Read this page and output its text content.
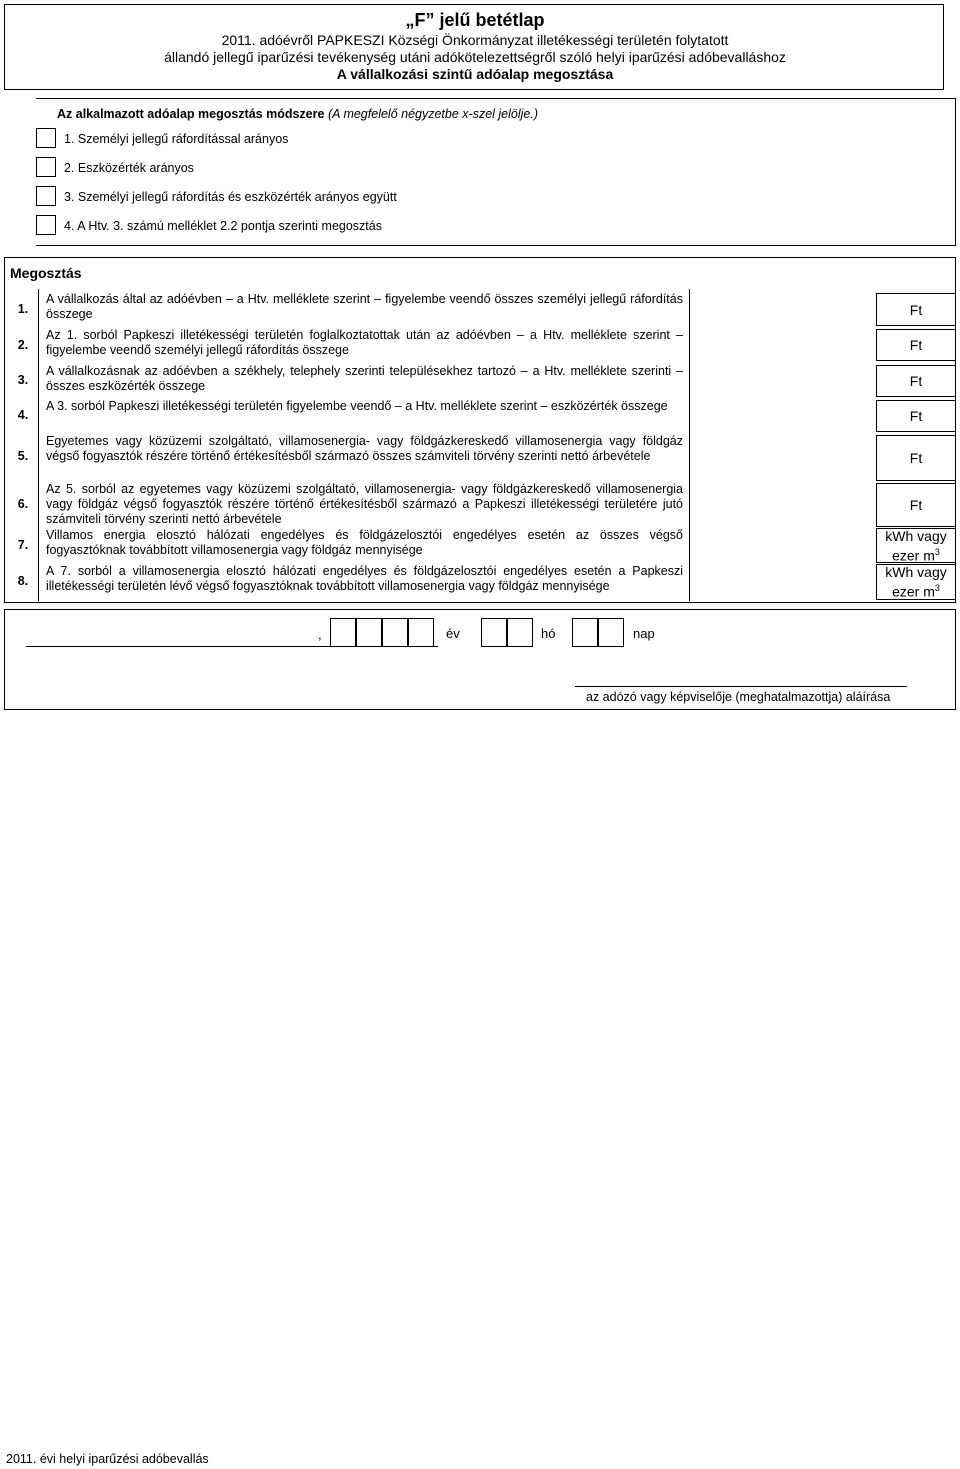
„F” jelű betétlap
2011. adóévről PAPKESZI Községi Önkormányzat illetékességi területén folytatott
állandó jellegű iparűzési tevékenység utáni adókötelezettségről szóló helyi iparűzési adóbevalláshoz
A vállalkozási szintű adóalap megosztása
Az alkalmazott adóalap megosztás módszere (A megfelelő négyzetbe x-szel jelölje.)
1. Személyi jellegű ráfordítással arányos
2. Eszközérték arányos
3. Személyi jellegű ráfordítás és eszközérték arányos együtt
4. A Htv. 3. számú melléklet 2.2 pontja szerinti megosztás
Megosztás
1.
A vállalkozás által az adóévben – a Htv. melléklete szerint – figyelembe veendő összes személyi jellegű ráfordítás összege	Ft
2.
Az 1. sorból Papkeszi illetékességi területén foglalkoztatottak után az adóévben – a Htv. melléklete szerint – figyelembe veendő személyi jellegű ráfordítás összege	Ft
3.
A vállalkozásnak az adóévben a székhely, telephely szerinti településekhez tartozó – a Htv. melléklete szerinti – összes eszközérték összege	Ft
4.
A 3. sorból Papkeszi illetékességi területén figyelembe veendő – a Htv. melléklete szerint – eszközérték összege
Ft
5.
Egyetemes vagy közüzemi szolgáltató, villamosenergia- vagy földgázkereskedő villamosenergia vagy földgáz végső fogyasztók részére történő értékesítésből származó összes számviteli törvény szerinti nettó árbevétele	Ft
6.
Az 5. sorból az egyetemes vagy közüzemi szolgáltató, villamosenergia- vagy földgázkereskedő villamosenergia vagy földgáz végső fogyasztók részére történő értékesítésből származó a Papkeszi illetékességi területére jutó számviteli törvény szerinti nettó árbevétele
Ft
7.
Villamos energia elosztó hálózati engedélyes és földgázelosztói engedélyes esetén az összes végső fogyasztóknak továbbított villamosenergia vagy földgáz mennyisége
kWh vagy
ezer $m^3$
8.
A 7. sorból a villamosenergia elosztó hálózati engedélyes és földgázelosztói engedélyes esetén a Papkeszi illetékességi területén lévő végső fogyasztóknak továbbított villamosenergia vagy földgáz mennyisége
kWh vagy
ezer $m^3$
,	év	hó	nap
az adózó vagy képviselője (meghatalmazottja) aláírása
2011. évi helyi iparűzési adóbevallás
